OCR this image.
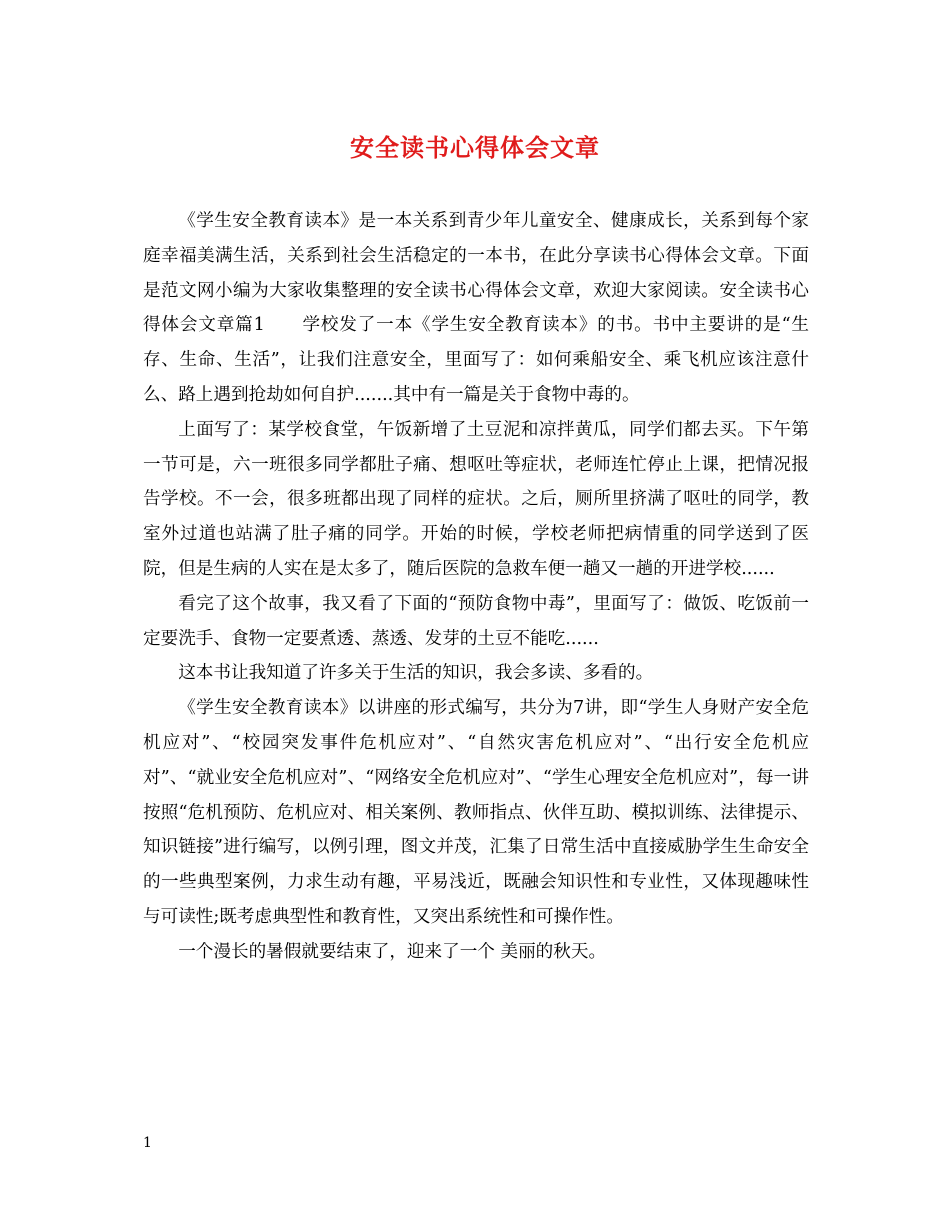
安全读书心得体会文章

《学生安全教育读本》是一本关系到青少年儿童安全、健康成长，关系到每个家庭幸福美满生活，关系到社会生活稳定的一本书，在此分享读书心得体会文章。下面是范文网小编为大家收集整理的安全读书心得体会文章，欢迎大家阅读。安全读书心得体会文章篇1　　学校发了一本《学生安全教育读本》的书。书中主要讲的是“生存、生命、生活”，让我们注意安全，里面写了：如何乘船安全、乘飞机应该注意什么、路上遇到抢劫如何自护.......其中有一篇是关于食物中毒的。

上面写了：某学校食堂，午饭新增了土豆泥和凉拌黄瓜，同学们都去买。下午第一节可是，六一班很多同学都肚子痛、想呕吐等症状，老师连忙停止上课，把情况报告学校。不一会，很多班都出现了同样的症状。之后，厕所里挤满了呕吐的同学，教室外过道也站满了肚子痛的同学。开始的时候，学校老师把病情重的同学送到了医院，但是生病的人实在是太多了，随后医院的急救车便一趟又一趟的开进学校......

看完了这个故事，我又看了下面的“预防食物中毒”，里面写了：做饭、吃饭前一定要洗手、食物一定要煮透、蒸透、发芽的土豆不能吃......

这本书让我知道了许多关于生活的知识，我会多读、多看的。

《学生安全教育读本》以讲座的形式编写，共分为7讲，即“学生人身财产安全危机应对”、“校园突发事件危机应对”、“自然灾害危机应对”、“出行安全危机应对”、“就业安全危机应对”、“网络安全危机应对”、“学生心理安全危机应对”，每一讲按照“危机预防、危机应对、相关案例、教师指点、伙伴互助、模拟训练、法律提示、知识链接”进行编写，以例引理，图文并茂，汇集了日常生活中直接威胁学生生命安全的一些典型案例，力求生动有趣，平易浅近，既融会知识性和专业性，又体现趣味性与可读性;既考虑典型性和教育性，又突出系统性和可操作性。

一个漫长的暑假就要结束了，迎来了一个 美丽的秋天。

1
